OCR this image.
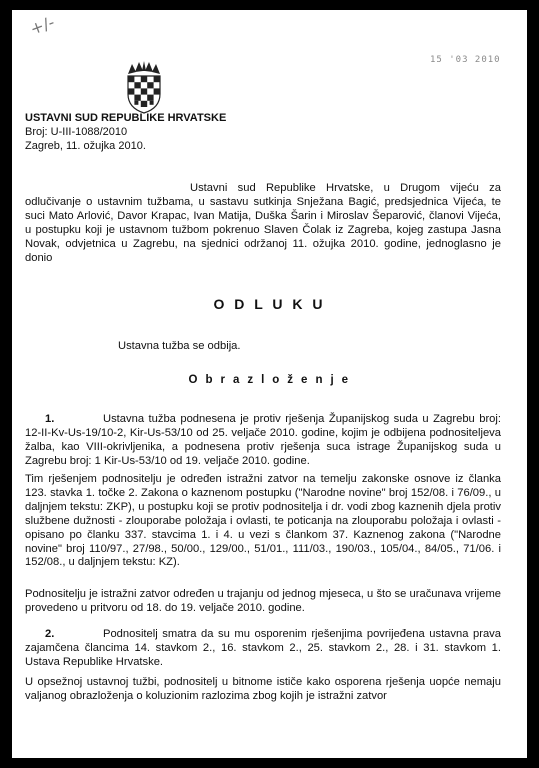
+/-
15 '03 2010
USTAVNI SUD REPUBLIKE HRVATSKE
Broj: U-III-1088/2010
Zagreb, 11. ožujka 2010.

Ustavni sud Republike Hrvatske, u Drugom vijeću za odlučivanje o ustavnim tužbama, u sastavu sutkinja Snježana Bagić, predsjednica Vijeća, te suci Mato Arlović, Davor Krapac, Ivan Matija, Duška Šarin i Miroslav Šeparović, članovi Vijeća, u postupku koji je ustavnom tužbom pokrenuo Slaven Čolak iz Zagreba, kojeg zastupa Jasna Novak, odvjetnica u Zagrebu, na sjednici održanoj 11. ožujka 2010. godine, jednoglasno je donio

O D L U K U
Ustavna tužba se odbija.
O b r a z l o ž e n j e

1.	Ustavna tužba podnesena je protiv rješenja Županijskog suda u Zagrebu broj: 12-II-Kv-Us-19/10-2, Kir-Us-53/10 od 25. veljače 2010. godine, kojim je odbijena podnositeljeva žalba, kao VIII-okrivljenika, a podnesena protiv rješenja suca istrage Županijskog suda u Zagrebu broj: 1 Kir-Us-53/10 od 19. veljače 2010. godine.

Tim rješenjem podnositelju je određen istražni zatvor na temelju zakonske osnove iz članka 123. stavka 1. točke 2. Zakona o kaznenom postupku ("Narodne novine" broj 152/08. i 76/09., u daljnjem tekstu: ZKP), u postupku koji se protiv podnositelja i dr. vodi zbog kaznenih djela protiv službene dužnosti - zlouporabe položaja i ovlasti, te poticanja na zlouporabu položaja i ovlasti - opisano po članku 337. stavcima 1. i 4. u vezi s člankom 37. Kaznenog zakona ("Narodne novine" broj 110/97., 27/98., 50/00., 129/00., 51/01., 111/03., 190/03., 105/04., 84/05., 71/06. i 152/08., u daljnjem tekstu: KZ).

Podnositelju je istražni zatvor određen u trajanju od jednog mjeseca, u što se uračunava vrijeme provedeno u pritvoru od 18. do 19. veljače 2010. godine.

2.	Podnositelj smatra da su mu osporenim rješenjima povrijeđena ustavna prava zajamčena člancima 14. stavkom 2., 16. stavkom 2., 25. stavkom 2., 28. i 31. stavkom 1. Ustava Republike Hrvatske.

U opsežnoj ustavnoj tužbi, podnositelj u bitnome ističe kako osporena rješenja uopće nemaju valjanog obrazloženja o koluzionim razlozima zbog kojih je istražni zatvor
